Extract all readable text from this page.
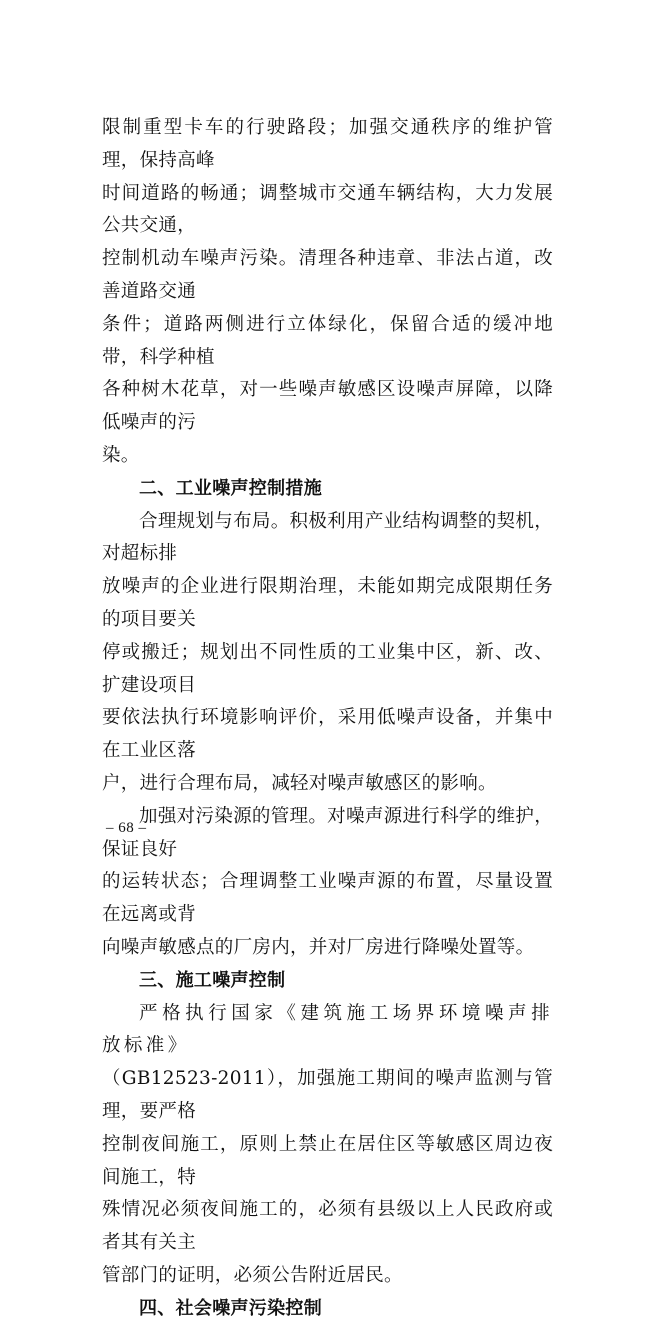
限制重型卡车的行驶路段；加强交通秩序的维护管理，保持高峰
时间道路的畅通；调整城市交通车辆结构，大力发展公共交通，
控制机动车噪声污染。清理各种违章、非法占道，改善道路交通
条件；道路两侧进行立体绿化，保留合适的缓冲地带，科学种植
各种树木花草，对一些噪声敏感区设噪声屏障，以降低噪声的污
染。
二、工业噪声控制措施
合理规划与布局。积极利用产业结构调整的契机，对超标排
放噪声的企业进行限期治理，未能如期完成限期任务的项目要关
停或搬迁；规划出不同性质的工业集中区，新、改、扩建设项目
要依法执行环境影响评价，采用低噪声设备，并集中在工业区落
户，进行合理布局，减轻对噪声敏感区的影响。
加强对污染源的管理。对噪声源进行科学的维护，保证良好
的运转状态；合理调整工业噪声源的布置，尽量设置在远离或背
向噪声敏感点的厂房内，并对厂房进行降噪处置等。
三、施工噪声控制
严格执行国家《建筑施工场界环境噪声排放标准》
（GB12523-2011），加强施工期间的噪声监测与管理，要严格
控制夜间施工，原则上禁止在居住区等敏感区周边夜间施工，特
殊情况必须夜间施工的，必须有县级以上人民政府或者其有关主
管部门的证明，必须公告附近居民。
四、社会噪声污染控制
– 68 –
